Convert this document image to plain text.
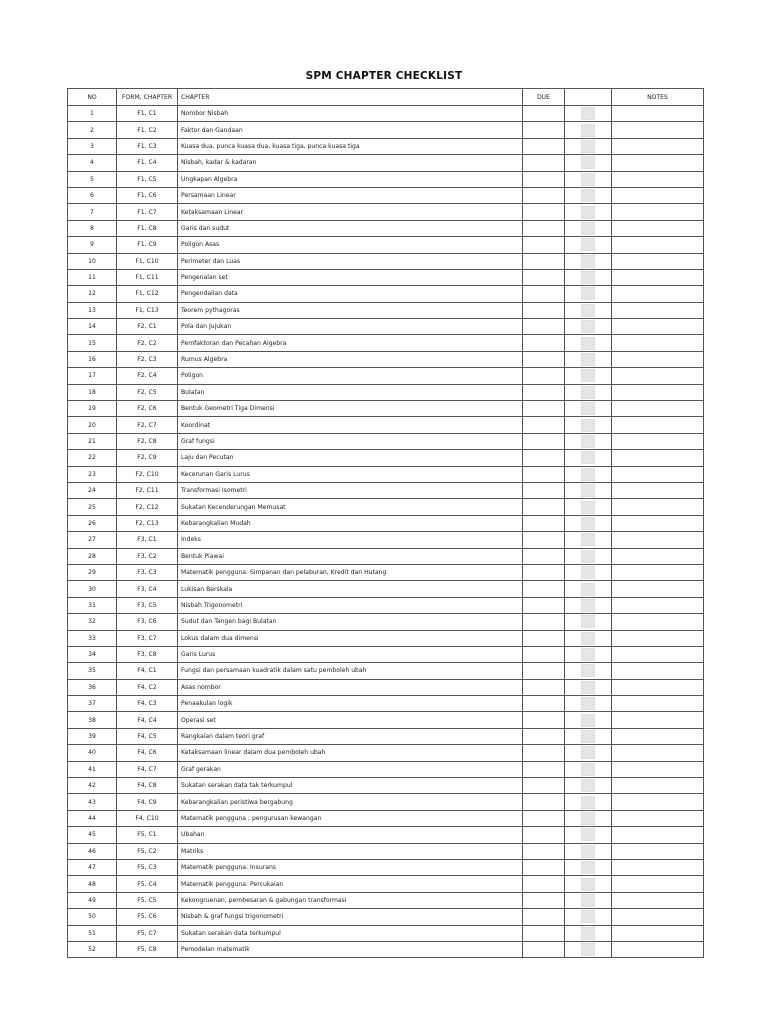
SPM CHAPTER CHECKLIST
NO	FORM, CHAPTER	CHAPTER	DUE		NOTES
1	F1, C1	Nombor Nisbah			
2	F1, C2	Faktor dan Gandaan			
3	F1, C3	Kuasa dua, punca kuasa dua, kuasa tiga, punca kuasa tiga			
4	F1, C4	Nisbah, kadar & kadaran			
5	F1, C5	Ungkapan Algebra			
6	F1, C6	Persamaan Linear			
7	F1, C7	Ketaksamaan Linear			
8	F1, C8	Garis dan sudut			
9	F1, C9	Poligon Asas			
10	F1, C10	Perimeter dan Luas			
11	F1, C11	Pengenalan set			
12	F1, C12	Pengendalian data			
13	F1, C13	Teorem pythagoras			
14	F2, C1	Pola dan Jujukan			
15	F2, C2	Pemfaktoran dan Pecahan Algebra			
16	F2, C3	Rumus Algebra			
17	F2, C4	Poligon			
18	F2, C5	Bulatan			
19	F2, C6	Bentuk Geometri Tiga Dimensi			
20	F2, C7	Koordinat			
21	F2, C8	Graf fungsi			
22	F2, C9	Laju dan Pecutan			
23	F2, C10	Kecerunan Garis Lurus			
24	F2, C11	Transformasi Isometri			
25	F2, C12	Sukatan Kecenderungan Memusat			
26	F2, C13	Kebarangkalian Mudah			
27	F3, C1	Indeks			
28	F3, C2	Bentuk Piawai			
29	F3, C3	Matematik pengguna: Simpanan dan pelaburan, Kredit dan Hutang			
30	F3, C4	Lukisan Berskala			
31	F3, C5	Nisbah Trigonometri			
32	F3, C6	Sudut dan Tangen bagi Bulatan			
33	F3, C7	Lokus dalam dua dimensi			
34	F3, C8	Garis Lurus			
35	F4, C1	Fungsi dan persamaan kuadratik dalam satu pemboleh ubah			
36	F4, C2	Asas nombor			
37	F4, C3	Penaakulan logik			
38	F4, C4	Operasi set			
39	F4, C5	Rangkaian dalam teori graf			
40	F4, C6	Ketaksamaan linear dalam dua pemboleh ubah			
41	F4, C7	Graf gerakan			
42	F4, C8	Sukatan serakan data tak terkumpul			
43	F4, C9	Kebarangkalian peristiwa bergabung			
44	F4, C10	Matematik pengguna ; pengurusan kewangan			
45	F5, C1	Ubahan			
46	F5, C2	Matriks			
47	F5, C3	Matematik pengguna: Insurans			
48	F5, C4	Matematik pengguna: Percukaian			
49	F5, C5	Kekongruenan, pembesaran & gabungan transformasi			
50	F5, C6	Nisbah & graf fungsi trigonometri			
51	F5, C7	Sukatan serakan data terkumpul			
52	F5, C8	Pemodelan matematik			
